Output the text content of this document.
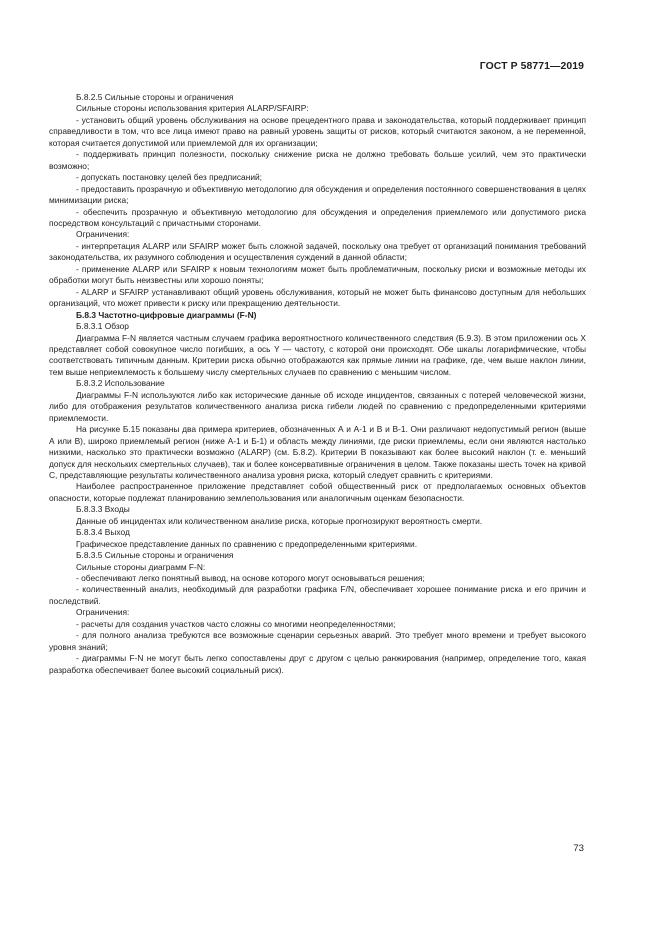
ГОСТ Р 58771—2019

Б.8.2.5 Сильные стороны и ограничения

Сильные стороны использования критерия ALARP/SFAIRP:

- установить общий уровень обслуживания на основе прецедентного права и законодательства, который поддерживает принцип справедливости в том, что все лица имеют право на равный уровень защиты от рисков, который считаются законом, а не переменной, которая считается допустимой или приемлемой для их организации;

- поддерживать принцип полезности, поскольку снижение риска не должно требовать больше усилий, чем это практически возможно;

- допускать постановку целей без предписаний;

- предоставить прозрачную и объективную методологию для обсуждения и определения постоянного совершенствования в целях минимизации риска;

- обеспечить прозрачную и объективную методологию для обсуждения и определения приемлемого или допустимого риска посредством консультаций с причастными сторонами.

Ограничения:

- интерпретация ALARP или SFAIRP может быть сложной задачей, поскольку она требует от организаций понимания требований законодательства, их разумного соблюдения и осуществления суждений в данной области;

- применение ALARP или SFAIRP к новым технологиям может быть проблематичным, поскольку риски и возможные методы их обработки могут быть неизвестны или хорошо поняты;

- ALARP и SFAIRP устанавливают общий уровень обслуживания, который не может быть финансово доступным для небольших организаций, что может привести к риску или прекращению деятельности.

Б.8.3 Частотно-цифровые диаграммы (F-N)

Б.8.3.1 Обзор

Диаграмма F-N является частным случаем графика вероятностного количественного следствия (Б.9.3). В этом приложении ось X представляет собой совокупное число погибших, а ось Y — частоту, с которой они происходят. Обе шкалы логарифмические, чтобы соответствовать типичным данным. Критерии риска обычно отображаются как прямые линии на графике, где, чем выше наклон линии, тем выше неприемлемость к большему числу смертельных случаев по сравнению с меньшим числом.

Б.8.3.2 Использование

Диаграммы F-N используются либо как исторические данные об исходе инцидентов, связанных с потерей человеческой жизни, либо для отображения результатов количественного анализа риска гибели людей по сравнению с предопределенными критериями приемлемости.

На рисунке Б.15 показаны два примера критериев, обозначенных А и А-1 и В и В-1. Они различают недопустимый регион (выше А или В), широко приемлемый регион (ниже А-1 и Б-1) и область между линиями, где риски приемлемы, если они являются настолько низкими, насколько это практически возможно (ALARP) (см. Б.8.2). Критерии В показывают как более высокий наклон (т. е. меньший допуск для нескольких смертельных случаев), так и более консервативные ограничения в целом. Также показаны шесть точек на кривой С, представляющие результаты количественного анализа уровня риска, который следует сравнить с критериями.

Наиболее распространенное приложение представляет собой общественный риск от предполагаемых основных объектов опасности, которые подлежат планированию землепользования или аналогичным оценкам безопасности.

Б.8.3.3 Входы

Данные об инцидентах или количественном анализе риска, которые прогнозируют вероятность смерти.

Б.8.3.4 Выход

Графическое представление данных по сравнению с предопределенными критериями.

Б.8.3.5 Сильные стороны и ограничения

Сильные стороны диаграмм F-N:

- обеспечивают легко понятный вывод, на основе которого могут основываться решения;

- количественный анализ, необходимый для разработки графика F/N, обеспечивает хорошее понимание риска и его причин и последствий.

Ограничения:

- расчеты для создания участков часто сложны со многими неопределенностями;

- для полного анализа требуются все возможные сценарии серьезных аварий. Это требует много времени и требует высокого уровня знаний;

- диаграммы F-N не могут быть легко сопоставлены друг с другом с целью ранжирования (например, определение того, какая разработка обеспечивает более высокий социальный риск).

73
